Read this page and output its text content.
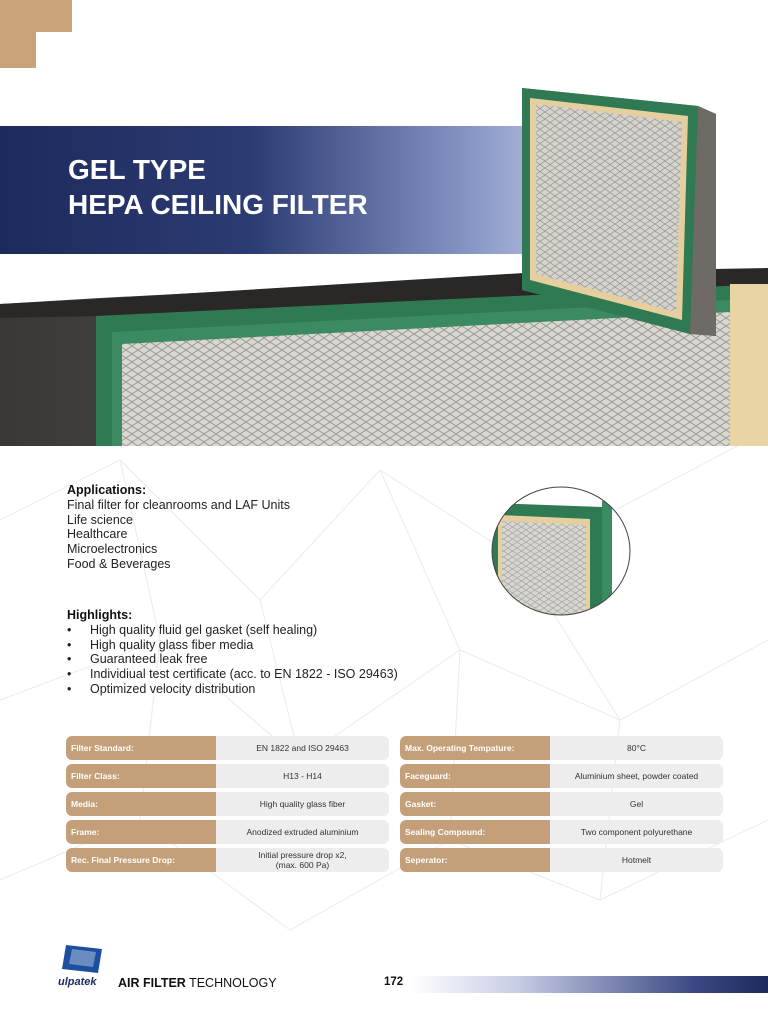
GEL TYPE
HEPA CEILING FILTER
Applications:
Final filter for cleanrooms and LAF Units
Life science
Healthcare
Microelectronics
Food & Beverages
Highlights:
• High quality fluid gel gasket (self healing)
• High quality glass fiber media
• Guaranteed leak free
• Individiual test certificate (acc. to EN 1822 - ISO 29463)
• Optimized velocity distribution
Filter Standard:	EN 1822 and ISO 29463
Filter Class:	H13 - H14
Media:	High quality glass fiber
Frame:	Anodized extruded aluminium
Rec. Final Pressure Drop:	Initial pressure drop x2,
(max. 600 Pa)
Max. Operating Tempature:	80°C
Faceguard:	Aluminium sheet, powder coated
Gasket:	Gel
Sealing Compound:	Two component polyurethane
Seperator:	Hotmelt
ulpatek AIR FILTER TECHNOLOGY	172
